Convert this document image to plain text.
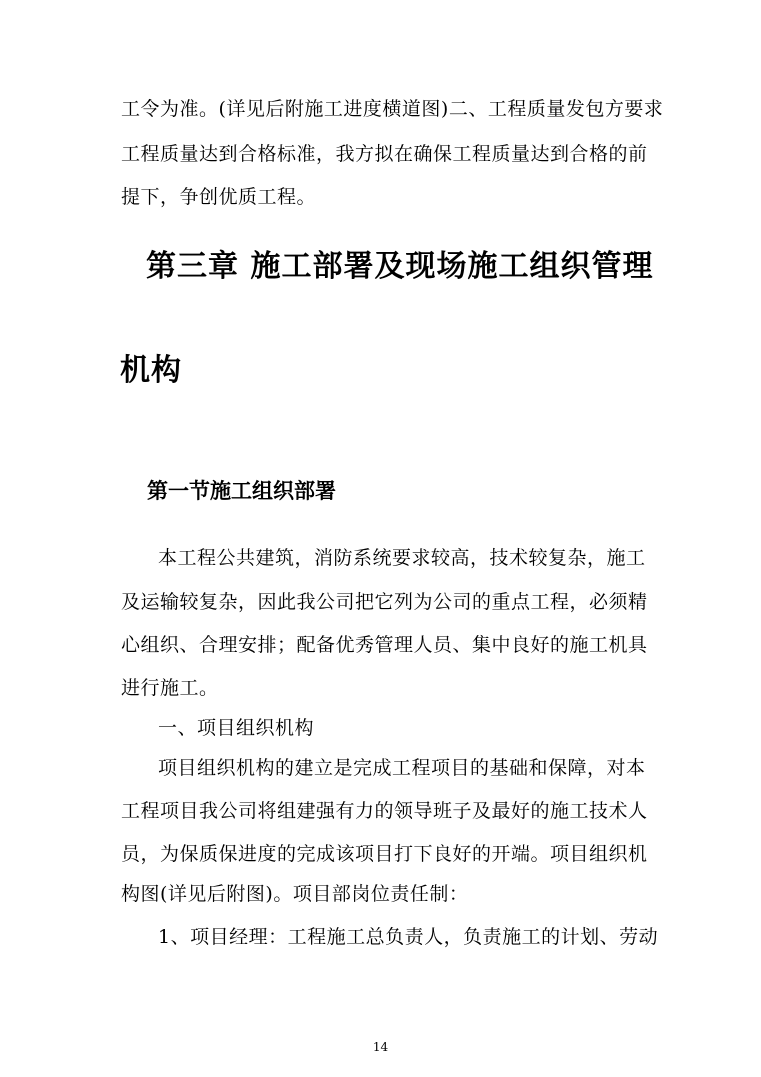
工令为准。(详见后附施工进度横道图)二、工程质量发包方要求
工程质量达到合格标准，我方拟在确保工程质量达到合格的前
提下，争创优质工程。
第三章 施工部署及现场施工组织管理
机构
第一节施工组织部署
本工程公共建筑，消防系统要求较高，技术较复杂，施工
及运输较复杂，因此我公司把它列为公司的重点工程，必须精
心组织、合理安排；配备优秀管理人员、集中良好的施工机具
进行施工。
一、项目组织机构
项目组织机构的建立是完成工程项目的基础和保障，对本
工程项目我公司将组建强有力的领导班子及最好的施工技术人
员，为保质保进度的完成该项目打下良好的开端。项目组织机
构图(详见后附图)。项目部岗位责任制：
1、项目经理：工程施工总负责人，负责施工的计划、劳动
14
